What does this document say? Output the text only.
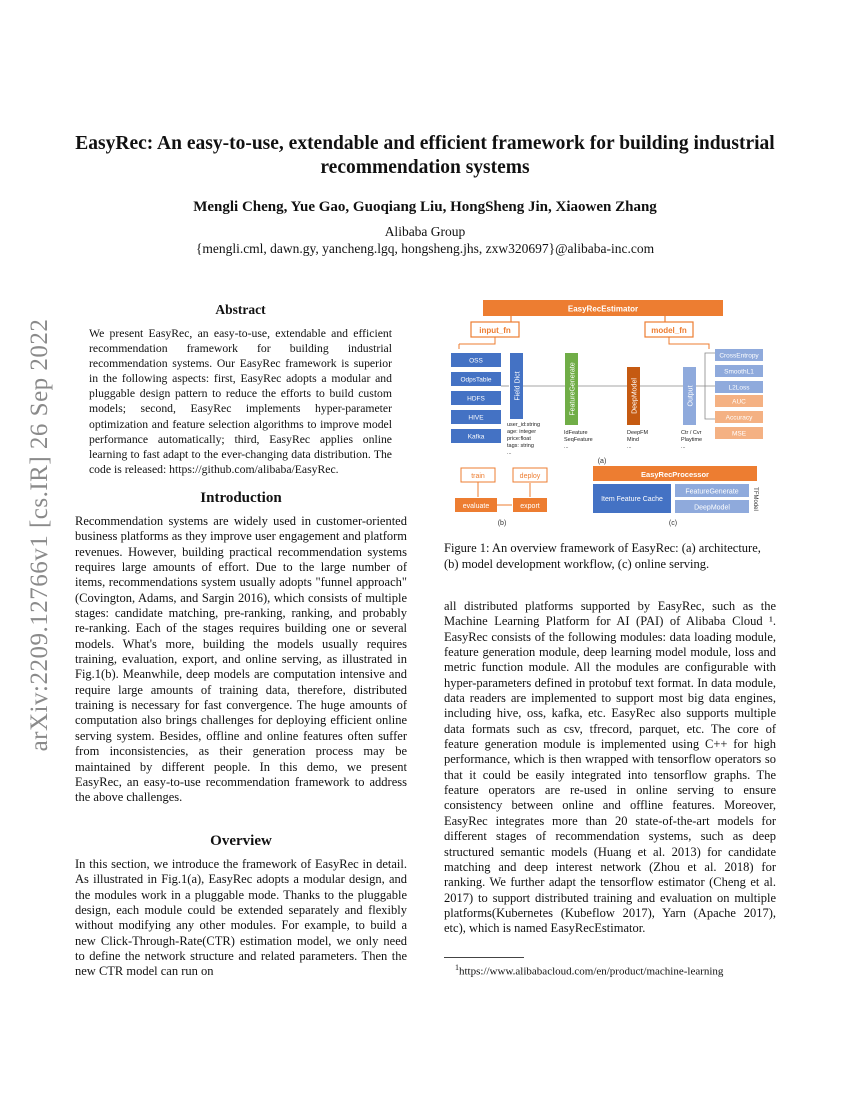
arXiv:2209.12766v1 [cs.IR] 26 Sep 2022
EasyRec: An easy-to-use, extendable and efficient framework for building industrial recommendation systems
Mengli Cheng, Yue Gao, Guoqiang Liu, HongSheng Jin, Xiaowen Zhang
Alibaba Group
{mengli.cml, dawn.gy, yancheng.lgq, hongsheng.jhs, zxw320697}@alibaba-inc.com
Abstract

We present EasyRec, an easy-to-use, extendable and efficient recommendation framework for building industrial recommendation systems. Our EasyRec framework is superior in the following aspects: first, EasyRec adopts a modular and pluggable design pattern to reduce the efforts to build custom models; second, EasyRec implements hyper-parameter optimization and feature selection algorithms to improve model performance automatically; third, EasyRec applies online learning to fast adapt to the ever-changing data distribution. The code is released: https://github.com/alibaba/EasyRec.

Introduction

Recommendation systems are widely used in customer-oriented business platforms as they improve user engagement and platform revenues. However, building practical recommendation systems requires large amounts of effort. Due to the large number of items, recommendations system usually adopts "funnel approach" (Covington, Adams, and Sargin 2016), which consists of multiple stages: candidate matching, pre-ranking, ranking, and probably re-ranking. Each of the stages requires building one or several models. What's more, building the models usually requires training, evaluation, export, and online serving, as illustrated in Fig.1(b). Meanwhile, deep models are computation intensive and require large amounts of training data, therefore, distributed training is necessary for fast convergence. The huge amounts of computation also brings challenges for deploying efficient online serving system. Besides, offline and online features often suffer from inconsistencies, as their generation process may be maintained by different people. In this demo, we present EasyRec, an easy-to-use recommendation framework to address the above challenges.

Overview

In this section, we introduce the framework of EasyRec in detail. As illustrated in Fig.1(a), EasyRec adopts a modular design, and the modules work in a pluggable mode. Thanks to the pluggable design, each module could be extended separately and flexibly without modifying any other modules. For example, to build a new Click-Through-Rate(CTR) estimation model, we only need to define the network structure and related parameters. Then the new CTR model can run on

EasyRecEstimator
input_fn	model_fn
OSS
OdpsTable
HDFS
HIVE
Kafka
Field Dict
user_id:string
age: integer
price:float
tags: string
...
FeatureGenerate
IdFeature
SeqFeature
...
DeepModel
DeepFM
Mind
...
Output
Ctr / Cvr
Playtime
...
CrossEntropy
SmoothL1
L2Loss
AUC
Accuracy
MSE
(a)
train	deploy
evaluate	export
(b)
EasyRecProcessor
Item Feature Cache
FeatureGenerate
DeepModel	TFModel
(c)
Figure 1: An overview framework of EasyRec: (a) architecture, (b) model development workflow, (c) online serving.

all distributed platforms supported by EasyRec, such as the Machine Learning Platform for AI (PAI) of Alibaba Cloud ¹. EasyRec consists of the following modules: data loading module, feature generation module, deep learning model module, loss and metric function module. All the modules are configurable with hyper-parameters defined in protobuf text format. In data module, data readers are implemented to support most big data engines, including hive, oss, kafka, etc. EasyRec also supports multiple data formats such as csv, tfrecord, parquet, etc. The core of feature generation module is implemented using C++ for high performance, which is then wrapped with tensorflow operators so that it could be easily integrated into tensorflow graphs. The feature operators are re-used in online serving to ensure consistency between online and offline features. Moreover, EasyRec integrates more than 20 state-of-the-art models for different stages of recommendation systems, such as deep structured semantic models (Huang et al. 2013) for candidate matching and deep interest network (Zhou et al. 2018) for ranking. We further adapt the tensorflow estimator (Cheng et al. 2017) to support distributed training and evaluation on multiple platforms(Kubernetes (Kubeflow 2017), Yarn (Apache 2017), etc), which is named EasyRecEstimator.

$^1$https://www.alibabacloud.com/en/product/machine-learning
